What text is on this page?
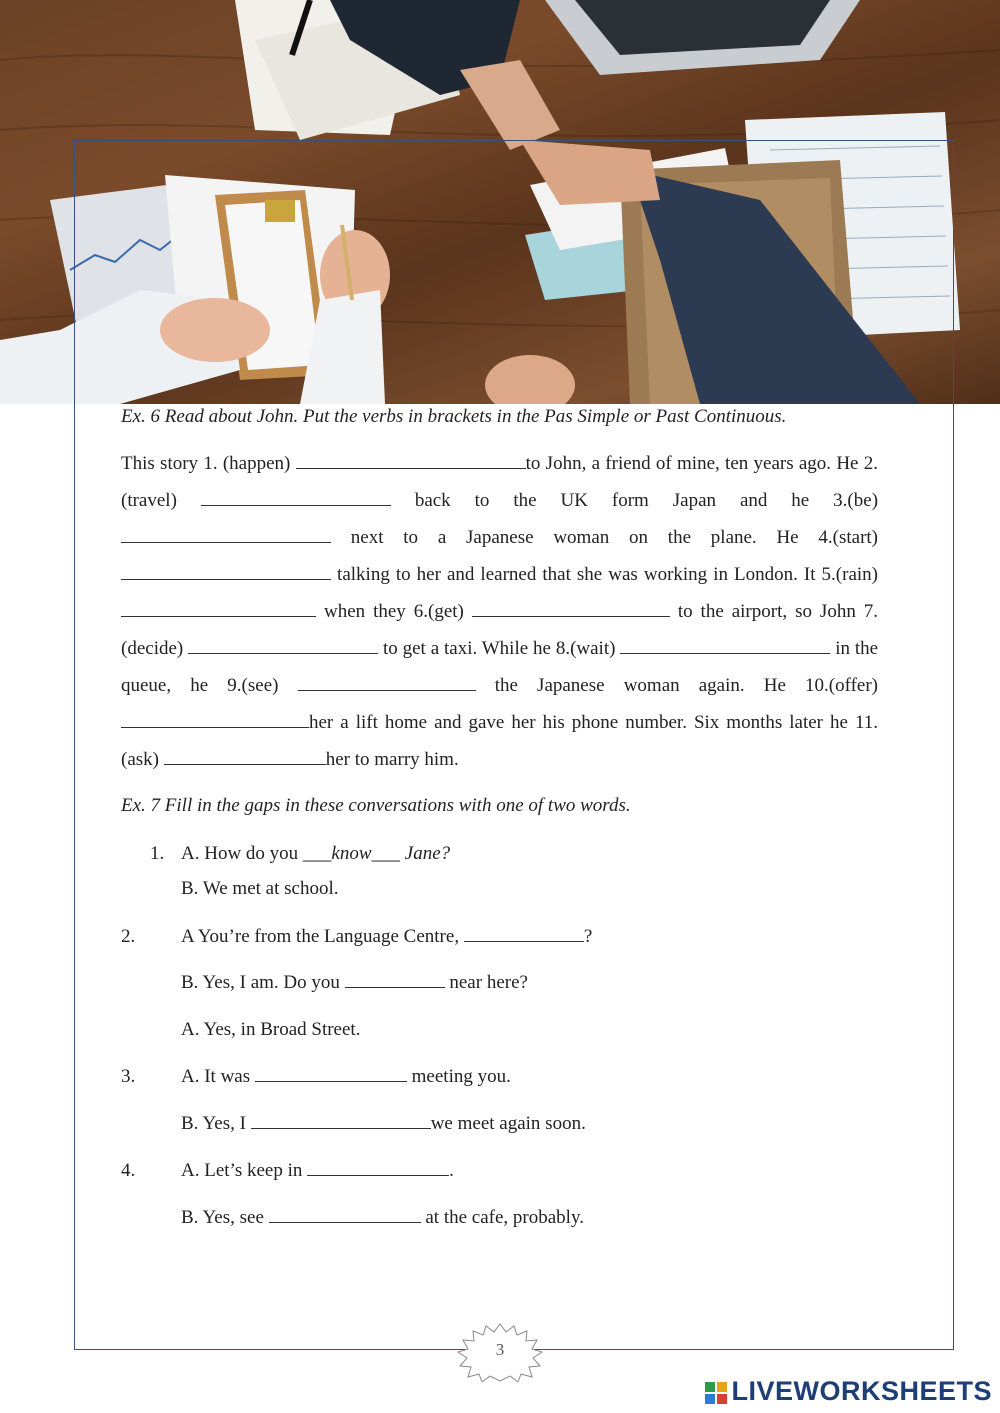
Ex. 6 Read about John. Put the verbs in brackets in the Pas Simple or Past Continuous.
This story 1. (happen)	to John, a friend of mine, ten years ago. He 2.(travel)	back to the UK form Japan and he 3.(be)  next to a Japanese woman on the plane. He 4.(start)  talking to her and learned that she was working in London. It 5.(rain)  when they 6.(get)	to the airport, so John 7.(decide)	to get a taxi. While he 8.(wait)	in the queue, he 9.(see)	the Japanese woman again. He 10.(offer) her a lift home and gave her his phone number. Six months later he 11.(ask)	her to marry him.
Ex. 7 Fill in the gaps in these conversations with one of two words.
1. A. How do you ___know___ Jane?
B. We met at school.
2. A You’re from the Language Centre,	?
B. Yes, I am. Do you	near here?
A. Yes, in Broad Street.
3. A. It was	meeting you.
B. Yes, I	we meet again soon.
4. A. Let’s keep in	.
B. Yes, see	at the cafe, probably.
3
LIVEWORKSHEETS
